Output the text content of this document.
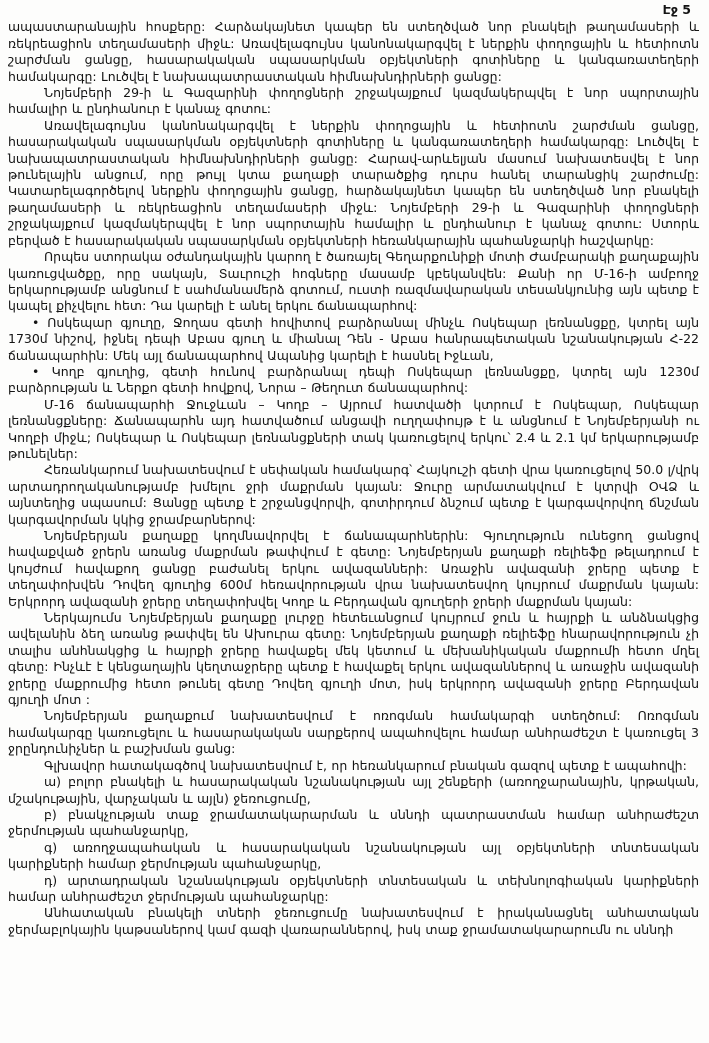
Էջ 5

ապաստարանային հոսքերը: Հարձակայնետ կապեր են ստեղծված նոր բնակելի թաղամասերի և ռեկրեացիոն տեղամասերի միջև: Առավելագույնս կանոնակարգվել է ներքին փողոցային և հետիոտն շարժման ցանցը, հասարակական սպասարկման օբյեկտների գոտիները և կանգառատեղերի համակարգը: Լուծվել է նախապատրաստական հիմնախնդիրների ցանցը:

Նոյեմբերի 29-ի և Գազարինի փողոցների շրջակայքում կազմակերպվել է նոր սպորտային համալիր և ընդհանուր է կանաչ գոտու:

Առավելագույնս կանոնակարգվել է ներքին փողոցային և հետիոտն շարժման ցանցը, հասարակական սպասարկման օբյեկտների գոտիները և կանգառատեղերի համակարգը: Լուծվել է նախապատրաստական հիմնախնդիրների ցանցը: Հարավ-արևելյան մասում նախատեսվել է նոր թունելային անցում, որը թույլ կտա քաղաքի տարածքից դուրս հանել տարանցիկ շարժումը: Կատարելագործելով ներքին փողոցային ցանցը, հարձակայնետ կապեր են ստեղծված նոր բնակելի թաղամասերի և ռեկրեացիոն տեղամասերի միջև: Նոյեմբերի 29-ի և Գազարինի փողոցների շրջակայքում կազմակերպվել է նոր սպորտային համալիր և ընդհանուր է կանաչ գոտու: Ստորև բերված է հասարակական սպասարկման օբյեկտների հեռանկարային պահանջարկի հաշվարկը:

Որպես ստորակա օժանդակային կարող է ծառայել Գեղարքունիքի մոտի Ժամբարակի քաղաքային կառուցվածքը, որը սակայն, Տաւրուշի հոգները մասամբ կբեկանվեն: Քանի որ Մ-16-ի ամբողջ երկարությամբ անցնում է սահմանամերձ գոտում, ուստի ռազմավարական տեսանկյունից այն պետք է կապել քիչվելու հետ: Դա կարելի է անել երկու ճանապարհով:

• Ոսկեպար գյուղը, Ջողաս գետի հովիտով բարձրանալ մինչև Ոսկեպար լեռնանցքը, կտրել այն 1730մ նիշով, իջնել դեպի Աբաս գյուղ և միանալ Դեն - Աբաս հանրապետական նշանակության Հ-22 ճանապարհին: Մեկ այլ ճանապարհով Ապանից կարելի է հասնել Իջևան,

• Կողբ գյուղից, գետի հունով բարձրանալ դեպի Ոսկեպար լեռնանցքը, կտրել այն 1230մ բարձրության և Ներքո գետի հովքով, Նորա – Թեղուտ ճանապարհով:

Մ-16 ճանապարհի Ջուջևան – Կողբ – Այրում հատվածի կտրում է Ոսկեպար, Ոսկեպար լեռնանցքները: Ճանապարհն այդ հատվածում անցավի ուղղափույթ է և անցնում է Նոյեմբերյանի ու Կողբի միջև; Ոսկեպար և Ոսկեպար լեռնանցքների տակ կառուցելով երկու՝ 2.4 և 2.1 կմ երկարությամբ թունելներ:

Հեռանկարում նախատեսվում է սեփական համակարգ՝ Հայկուշի գետի վրա կառուցելով 50.0 լ/վրկ արտադրողականությամբ խմելու ջրի մաքրման կայան: Ջուրը արմատակվում է կտրվի ՕՎՁ և այնտեղից սպասում: Ցանցը պետք է շրջանցվորվի, գոտիրդում ձնշում պետք է կարգավորվող ճնշման կարգավորման կկից ջրամբարներով:

Նոյեմբերյան քաղաքը կողմնավորվել է ճանապարհներին: Գյուղություն ունեցող ցանցով հավաքված ջրերն առանց մաքրման թափվում է գետը: Նոյեմբերյան քաղաքի ռելիեֆը թելադրում է կույժում հավաքող ցանցը բաժանել երկու ավազանների: Առաջին ավազանի ջրերը պետք է տեղափոխվեն Դովեղ գյուղից 600մ հեռավորության վրա նախատեսվող կույրում մաքրման կայան: Երկրորդ ավազանի ջրերը տեղափոխվել Կողբ և Բերդավան գյուղերի ջրերի մաքրման կայան:

Ներկայումս Նոյեմբերյան քաղաքը լուրջը հետեւանցում կույրում ջուն և հայրքի և անձնակցից ավելանին ձեղ առանց թափվել են Ախուրա գետը: Նոյեմբերյան քաղաքի ռելիեֆը հնարավորություն չի տալիս անհնակցից և հայրքի ջրերը հավաքել մեկ կետում և մեխանիկական մաքրումի հետո մղել գետը: Ինչևէ է կենցաղային կեղտաջրերը պետք է հավաքել երկու ավազաններով և առաջին ավազանի ջրերը մաքրումից հետո թունել գետը Դովեղ գյուղի մոտ, իսկ երկրորդ ավազանի ջրերը Բերդավան գյուղի մոտ :

Նոյեմբերյան քաղաքում նախատեսվում է ոռոգման համակարգի ստեղծում: Ոռոգման համակարգը կառուցելու և հասարակական սարքերով ապահովելու համար անհրաժեշտ է կառուցել 3 ջրընդունիչներ և բաշխման ցանց:

Գլխավոր հատակագծով նախատեսվում է, որ հեռանկարում բնական գազով պետք է ապահովի:

ա) բոլոր բնակելի և հասարակական նշանակության այլ շենքերի (առողջարանային, կրթական, մշակութային, վարչական և այլն) ջեռուցումը,

բ) բնակչության տաք ջրամատակարարման և սննդի պատրաստման համար անհրաժեշտ ջերմության պահանջարկը,

գ) առողջապահական և հասարակական նշանակության այլ օբյեկտների տնտեսական կարիքների համար ջերմության պահանջարկը,

դ) արտադրական նշանակության օբյեկտների տնտեսական և տեխնոլոգիական կարիքների համար անհրաժեշտ ջերմության պահանջարկը:

Անհատական բնակելի տների ջեռուցումը նախատեսվում է իրականացնել անհատական ջերմաբլոկային կաթսաներով կամ գազի վառարաններով, իսկ տաք ջրամատակարարումն ու սննդի
